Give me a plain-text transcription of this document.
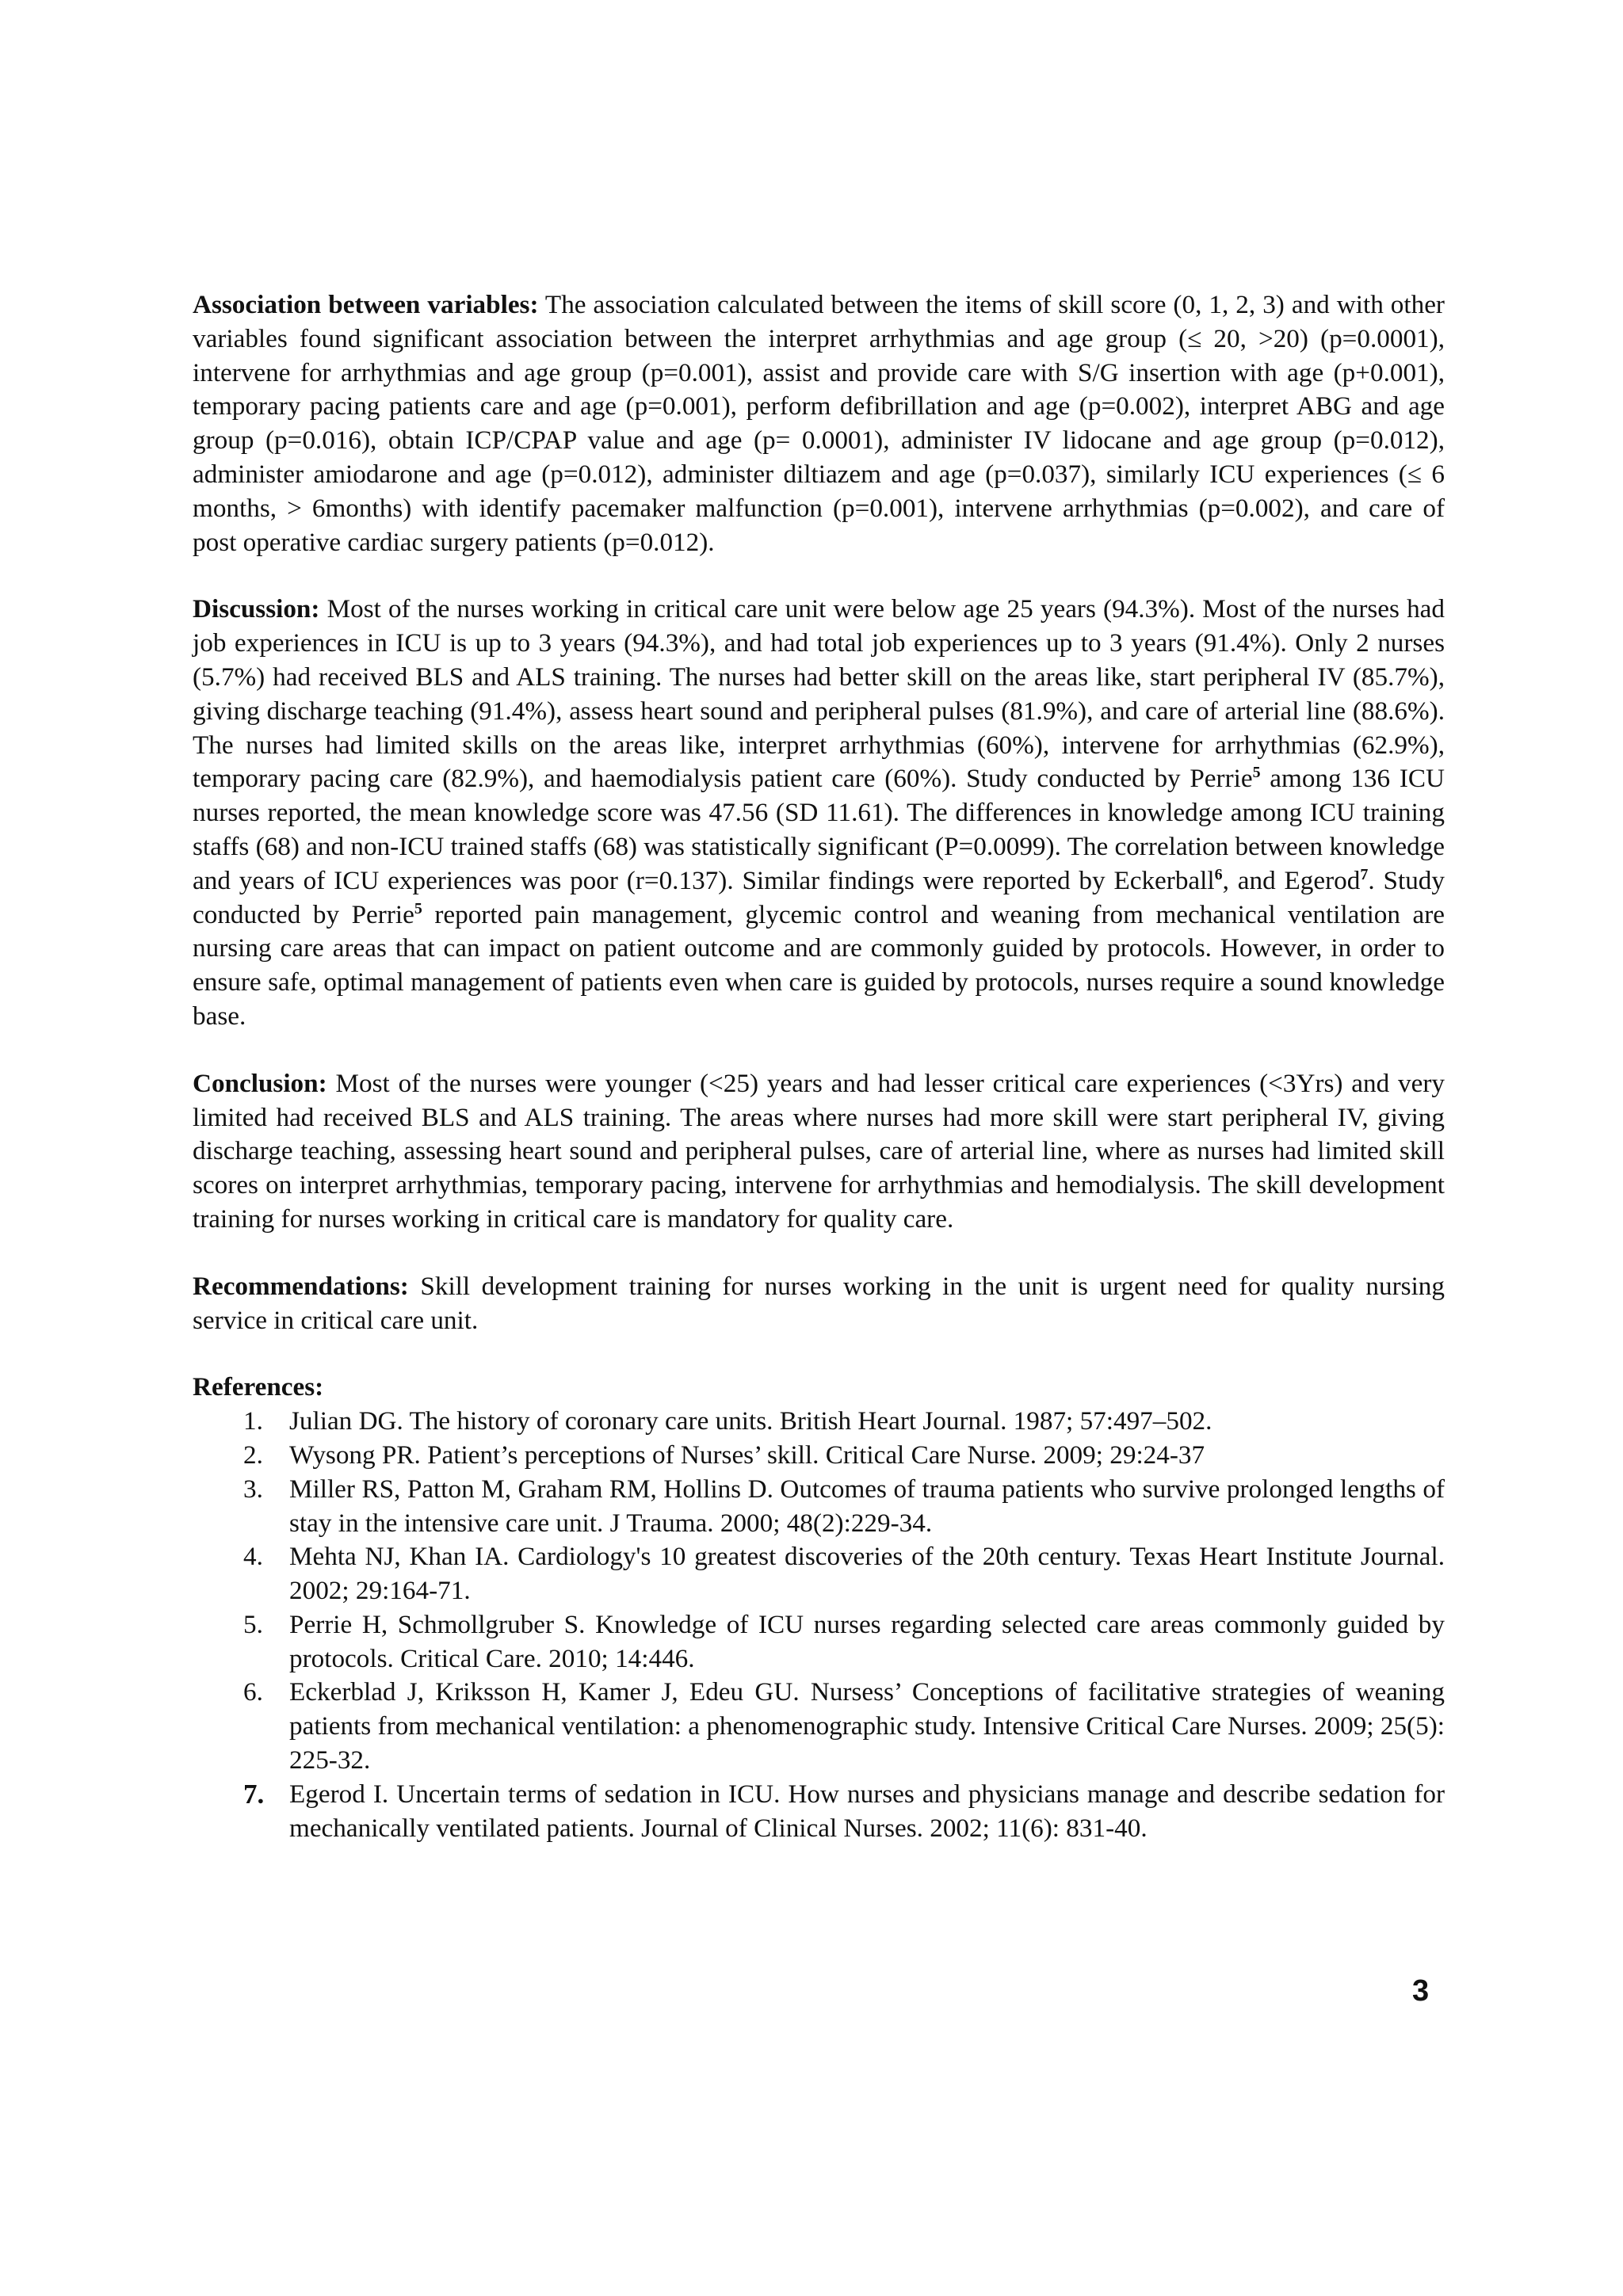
Association between variables: The association calculated between the items of skill score (0, 1, 2, 3) and with other variables found significant association between the interpret arrhythmias and age group (≤ 20, >20) (p=0.0001), intervene for arrhythmias and age group (p=0.001), assist and provide care with S/G insertion with age (p+0.001), temporary pacing patients care and age (p=0.001), perform defibrillation and age (p=0.002), interpret ABG and age group (p=0.016), obtain ICP/CPAP value and age (p= 0.0001), administer IV lidocane and age group (p=0.012), administer amiodarone and age (p=0.012), administer diltiazem and age (p=0.037), similarly ICU experiences (≤ 6 months, > 6months) with identify pacemaker malfunction (p=0.001), intervene arrhythmias (p=0.002), and care of post operative cardiac surgery patients (p=0.012).

Discussion: Most of the nurses working in critical care unit were below age 25 years (94.3%). Most of the nurses had job experiences in ICU is up to 3 years (94.3%), and had total job experiences up to 3 years (91.4%). Only 2 nurses (5.7%) had received BLS and ALS training. The nurses had better skill on the areas like, start peripheral IV (85.7%), giving discharge teaching (91.4%), assess heart sound and peripheral pulses (81.9%), and care of arterial line (88.6%). The nurses had limited skills on the areas like, interpret arrhythmias (60%), intervene for arrhythmias (62.9%), temporary pacing care (82.9%), and haemodialysis patient care (60%). Study conducted by Perrie$^5$ among 136 ICU nurses reported, the mean knowledge score was 47.56 (SD 11.61). The differences in knowledge among ICU training staffs (68) and non-ICU trained staffs (68) was statistically significant (P=0.0099). The correlation between knowledge and years of ICU experiences was poor (r=0.137). Similar findings were reported by Eckerball$^6$, and Egerod$^7$. Study conducted by Perrie$^5$ reported pain management, glycemic control and weaning from mechanical ventilation are nursing care areas that can impact on patient outcome and are commonly guided by protocols. However, in order to ensure safe, optimal management of patients even when care is guided by protocols, nurses require a sound knowledge base.

Conclusion: Most of the nurses were younger (<25) years and had lesser critical care experiences (<3Yrs) and very limited had received BLS and ALS training. The areas where nurses had more skill were start peripheral IV, giving discharge teaching, assessing heart sound and peripheral pulses, care of arterial line, where as nurses had limited skill scores on interpret arrhythmias, temporary pacing, intervene for arrhythmias and hemodialysis. The skill development training for nurses working in critical care is mandatory for quality care.

Recommendations: Skill development training for nurses working in the unit is urgent need for quality nursing service in critical care unit.

References:

1. Julian DG. The history of coronary care units. British Heart Journal. 1987; 57:497–502.
2. Wysong PR. Patient’s perceptions of Nurses’ skill. Critical Care Nurse. 2009; 29:24-37
3. Miller RS, Patton M, Graham RM, Hollins D. Outcomes of trauma patients who survive prolonged lengths of stay in the intensive care unit. J Trauma. 2000; 48(2):229-34.
4. Mehta NJ, Khan IA. Cardiology's 10 greatest discoveries of the 20th century. Texas Heart Institute Journal. 2002; 29:164-71.
5. Perrie H, Schmollgruber S. Knowledge of ICU nurses regarding selected care areas commonly guided by protocols. Critical Care. 2010; 14:446.
6. Eckerblad J, Kriksson H, Kamer J, Edeu GU. Nursess’ Conceptions of facilitative strategies of weaning patients from mechanical ventilation: a phenomenographic study. Intensive Critical Care Nurses. 2009; 25(5): 225-32.
7. Egerod I. Uncertain terms of sedation in ICU. How nurses and physicians manage and describe sedation for mechanically ventilated patients. Journal of Clinical Nurses. 2002; 11(6): 831-40.
3
